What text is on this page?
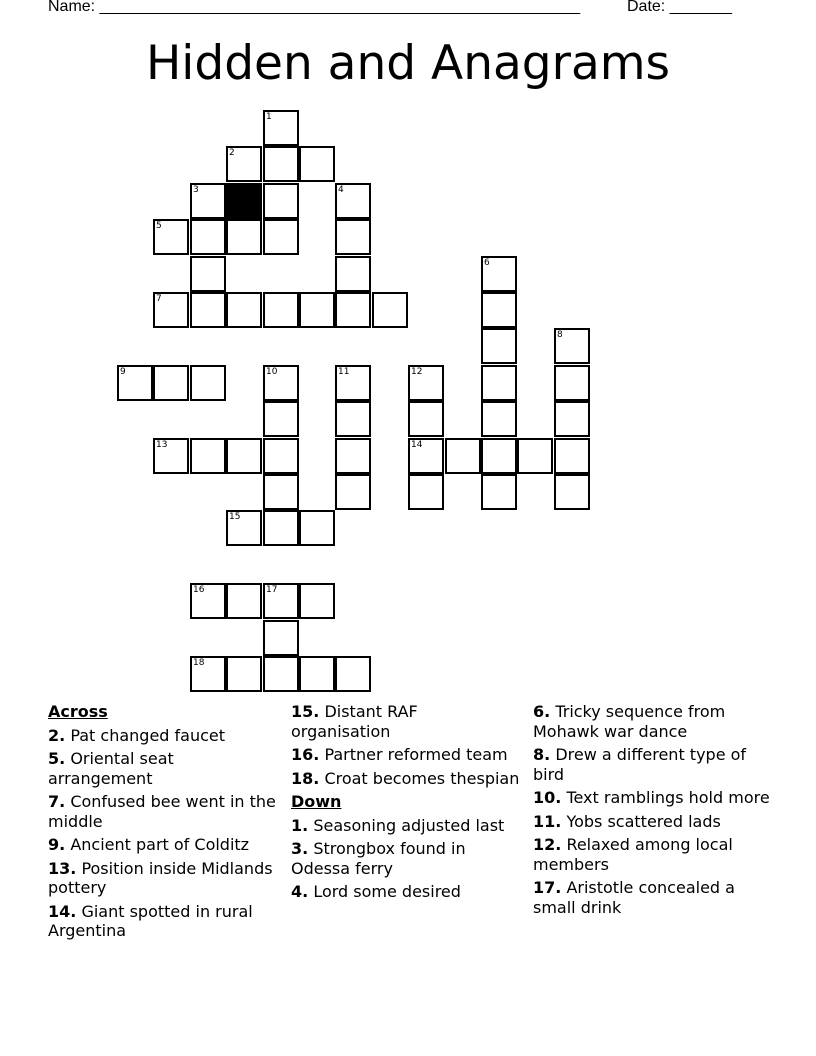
Name: ______________________________________________________	Date: _______
Hidden and Anagrams
1
2
3	4
5
6
7
8
9	10	11	12
13	14
15
16	17
18
Across
2. Pat changed faucet
5. Oriental seat arrangement
7. Confused bee went in the middle
9. Ancient part of Colditz
13. Position inside Midlands pottery
14. Giant spotted in rural Argentina
15. Distant RAF organisation
16. Partner reformed team
18. Croat becomes thespian
Down
1. Seasoning adjusted last
3. Strongbox found in Odessa ferry
4. Lord some desired
6. Tricky sequence from Mohawk war dance
8. Drew a different type of bird
10. Text ramblings hold more
11. Yobs scattered lads
12. Relaxed among local members
17. Aristotle concealed a small drink
